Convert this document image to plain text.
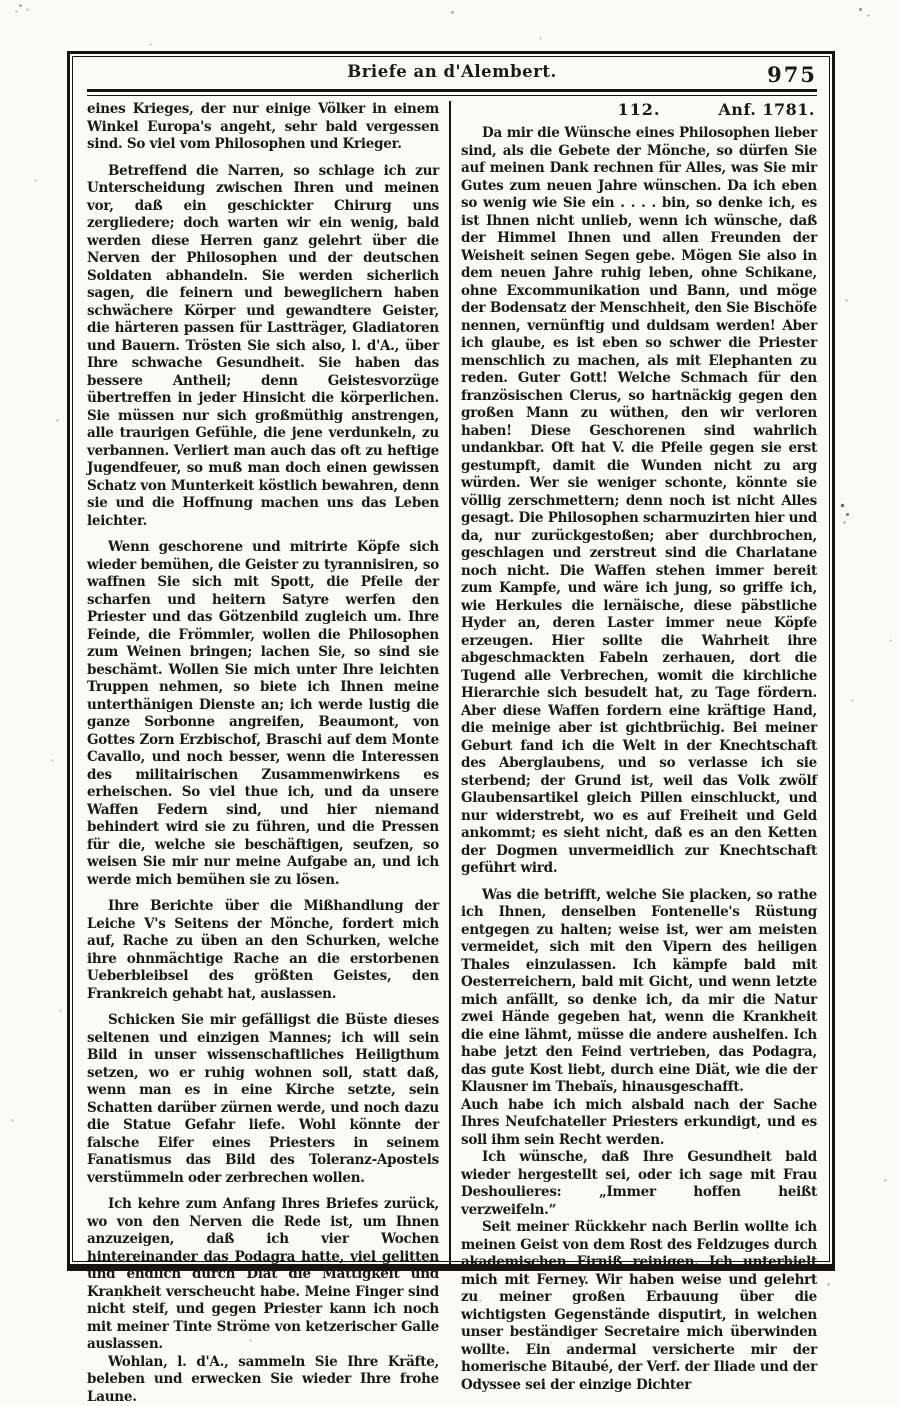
Briefe an d'Alembert.	975

eines Krieges, der nur einige Völker in einem Winkel Europa's angeht, sehr bald vergessen sind. So viel vom Philosophen und Krieger.

Betreffend die Narren, so schlage ich zur Unterscheidung zwischen Ihren und meinen vor, daß ein geschickter Chirurg uns zergliedere; doch warten wir ein wenig, bald werden diese Herren ganz gelehrt über die Nerven der Philosophen und der deutschen Soldaten abhandeln. Sie werden sicherlich sagen, die feinern und beweglichern haben schwächere Körper und gewandtere Geister, die härteren passen für Lastträger, Gladiatoren und Bauern. Trösten Sie sich also, l. d'A., über Ihre schwache Gesundheit. Sie haben das bessere Antheil; denn Geistesvorzüge übertreffen in jeder Hinsicht die körperlichen. Sie müssen nur sich großmüthig anstrengen, alle traurigen Gefühle, die jene verdunkeln, zu verbannen. Verliert man auch das oft zu heftige Jugendfeuer, so muß man doch einen gewissen Schatz von Munterkeit köstlich bewahren, denn sie und die Hoffnung machen uns das Leben leichter.

Wenn geschorene und mitrirte Köpfe sich wieder bemühen, die Geister zu tyrannisiren, so waffnen Sie sich mit Spott, die Pfeile der scharfen und heitern Satyre werfen den Priester und das Götzenbild zugleich um. Ihre Feinde, die Frömmler, wollen die Philosophen zum Weinen bringen; lachen Sie, so sind sie beschämt. Wollen Sie mich unter Ihre leichten Truppen nehmen, so biete ich Ihnen meine unterthänigen Dienste an; ich werde lustig die ganze Sorbonne angreifen, Beaumont, von Gottes Zorn Erzbischof, Braschi auf dem Monte Cavallo, und noch besser, wenn die Interessen des militairischen Zusammenwirkens es erheischen. So viel thue ich, und da unsere Waffen Federn sind, und hier niemand behindert wird sie zu führen, und die Pressen für die, welche sie beschäftigen, seufzen, so weisen Sie mir nur meine Aufgabe an, und ich werde mich bemühen sie zu lösen.

Ihre Berichte über die Mißhandlung der Leiche V's Seitens der Mönche, fordert mich auf, Rache zu üben an den Schurken, welche ihre ohnmächtige Rache an die erstorbenen Ueberbleibsel des größten Geistes, den Frankreich gehabt hat, auslassen.

Schicken Sie mir gefälligst die Büste dieses seltenen und einzigen Mannes; ich will sein Bild in unser wissenschaftliches Heiligthum setzen, wo er ruhig wohnen soll, statt daß, wenn man es in eine Kirche setzte, sein Schatten darüber zürnen werde, und noch dazu die Statue Gefahr liefe. Wohl könnte der falsche Eifer eines Priesters in seinem Fanatismus das Bild des Toleranz-Apostels verstümmeln oder zerbrechen wollen.

Ich kehre zum Anfang Ihres Briefes zurück, wo von den Nerven die Rede ist, um Ihnen anzuzeigen, daß ich vier Wochen hintereinander das Podagra hatte, viel gelitten und endlich durch Diät die Mattigkeit und Krankheit verscheucht habe. Meine Finger sind nicht steif, und gegen Priester kann ich noch mit meiner Tinte Ströme von ketzerischer Galle auslassen.

Wohlan, l. d'A., sammeln Sie Ihre Kräfte, beleben und erwecken Sie wieder Ihre frohe Laune.

112.	Anf. 1781.

Da mir die Wünsche eines Philosophen lieber sind, als die Gebete der Mönche, so dürfen Sie auf meinen Dank rechnen für Alles, was Sie mir Gutes zum neuen Jahre wünschen. Da ich eben so wenig wie Sie ein . . . . bin, so denke ich, es ist Ihnen nicht unlieb, wenn ich wünsche, daß der Himmel Ihnen und allen Freunden der Weisheit seinen Segen gebe. Mögen Sie also in dem neuen Jahre ruhig leben, ohne Schikane, ohne Excommunikation und Bann, und möge der Bodensatz der Menschheit, den Sie Bischöfe nennen, vernünftig und duldsam werden! Aber ich glaube, es ist eben so schwer die Priester menschlich zu machen, als mit Elephanten zu reden. Guter Gott! Welche Schmach für den französischen Clerus, so hartnäckig gegen den großen Mann zu wüthen, den wir verloren haben! Diese Geschorenen sind wahrlich undankbar. Oft hat V. die Pfeile gegen sie erst gestumpft, damit die Wunden nicht zu arg würden. Wer sie weniger schonte, könnte sie völlig zerschmettern; denn noch ist nicht Alles gesagt. Die Philosophen scharmuzirten hier und da, nur zurückgestoßen; aber durchbrochen, geschlagen und zerstreut sind die Charlatane noch nicht. Die Waffen stehen immer bereit zum Kampfe, und wäre ich jung, so griffe ich, wie Herkules die lernäische, diese päbstliche Hyder an, deren Laster immer neue Köpfe erzeugen. Hier sollte die Wahrheit ihre abgeschmackten Fabeln zerhauen, dort die Tugend alle Verbrechen, womit die kirchliche Hierarchie sich besudelt hat, zu Tage fördern. Aber diese Waffen fordern eine kräftige Hand, die meinige aber ist gichtbrüchig. Bei meiner Geburt fand ich die Welt in der Knechtschaft des Aberglaubens, und so verlasse ich sie sterbend; der Grund ist, weil das Volk zwölf Glaubensartikel gleich Pillen einschluckt, und nur widerstrebt, wo es auf Freiheit und Geld ankommt; es sieht nicht, daß es an den Ketten der Dogmen unvermeidlich zur Knechtschaft geführt wird.

Was die betrifft, welche Sie placken, so rathe ich Ihnen, denselben Fontenelle's Rüstung entgegen zu halten; weise ist, wer am meisten vermeidet, sich mit den Vipern des heiligen Thales einzulassen. Ich kämpfe bald mit Oesterreichern, bald mit Gicht, und wenn letzte mich anfällt, so denke ich, da mir die Natur zwei Hände gegeben hat, wenn die Krankheit die eine lähmt, müsse die andere aushelfen. Ich habe jetzt den Feind vertrieben, das Podagra, das gute Kost liebt, durch eine Diät, wie die der Klausner im Thebaïs, hinausgeschafft.

Auch habe ich mich alsbald nach der Sache Ihres Neufchateller Priesters erkundigt, und es soll ihm sein Recht werden.

Ich wünsche, daß Ihre Gesundheit bald wieder hergestellt sei, oder ich sage mit Frau Deshoulieres: „Immer hoffen heißt verzweifeln.“

Seit meiner Rückkehr nach Berlin wollte ich meinen Geist von dem Rost des Feldzuges durch akademischen Firniß reinigen. Ich unterhielt mich mit Ferney. Wir haben weise und gelehrt zu meiner großen Erbauung über die wichtigsten Gegenstände disputirt, in welchen unser beständiger Secretaire mich überwinden wollte. Ein andermal versicherte mir der homerische Bitaubé, der Verf. der Iliade und der Odyssee sei der einzige Dichter
